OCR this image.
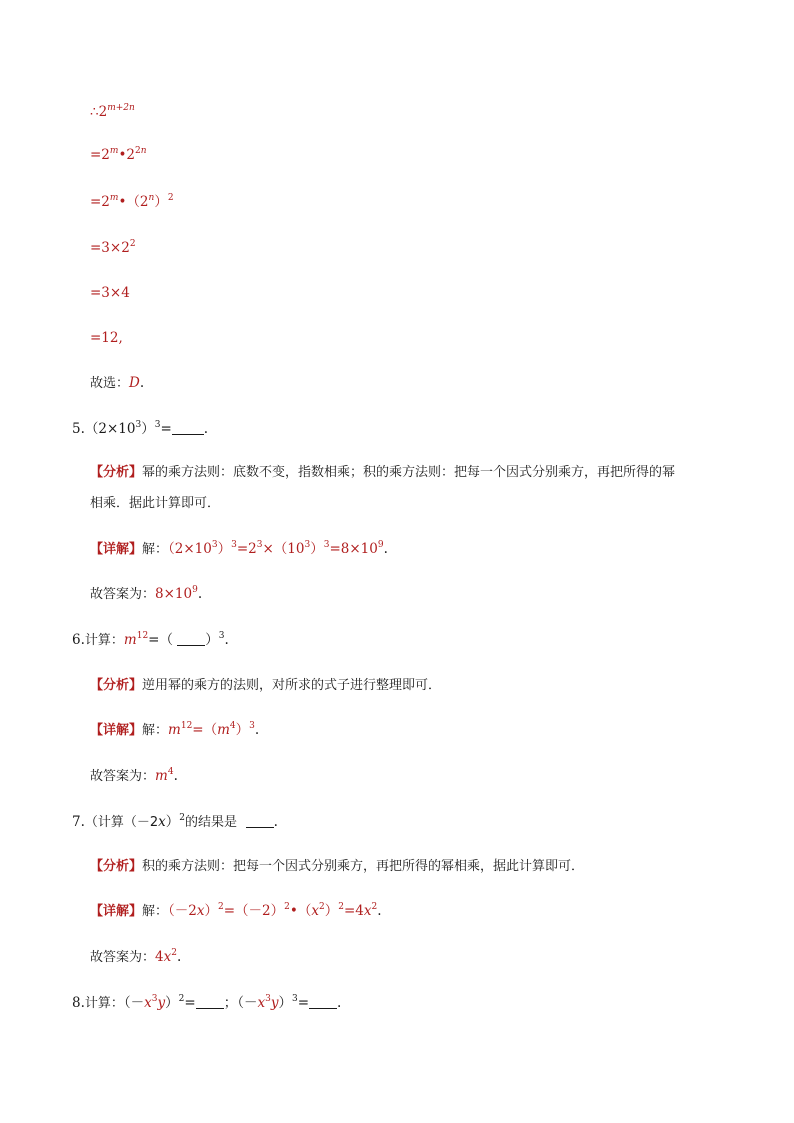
$\therefore 2^{m+2n}$
$=2^m•2^{2n}$
$=2^m•(2^n)^2$
$=3\times 2^2$
=3×4
=12,
故选：D.
$5.(2\times 10^3)^3=$ .
【分析】幂的乘方法则：底数不变，指数相乘；积的乘方法则：把每一个因式分别乘方，再把所得的幂
相乘．据此计算即可．
【详解】解：$(2\times 10^3)^3=2^3\times(10^3)^3=8\times 10^9$.
故答案为：$8\times 10^9$.
6.计算：$m^{12}=$（ ）$^3$.
【分析】逆用幂的乘方的法则，对所求的式子进行整理即可．
【详解】解：$m^{12}=(m^4)^3$.
故答案为：$m^4$.
7.（计算$(-2x)^2$的结果是	.
【分析】积的乘方法则：把每一个因式分别乘方，再把所得的幂相乘，据此计算即可．
【详解】解：$(-2x)^2=(-2)^2•(x^2)^2=4x^2$.
故答案为：$4x^2$.
8.计算：$(-x^3y)^2=$ ；$(-x^3y)^3=$ .
